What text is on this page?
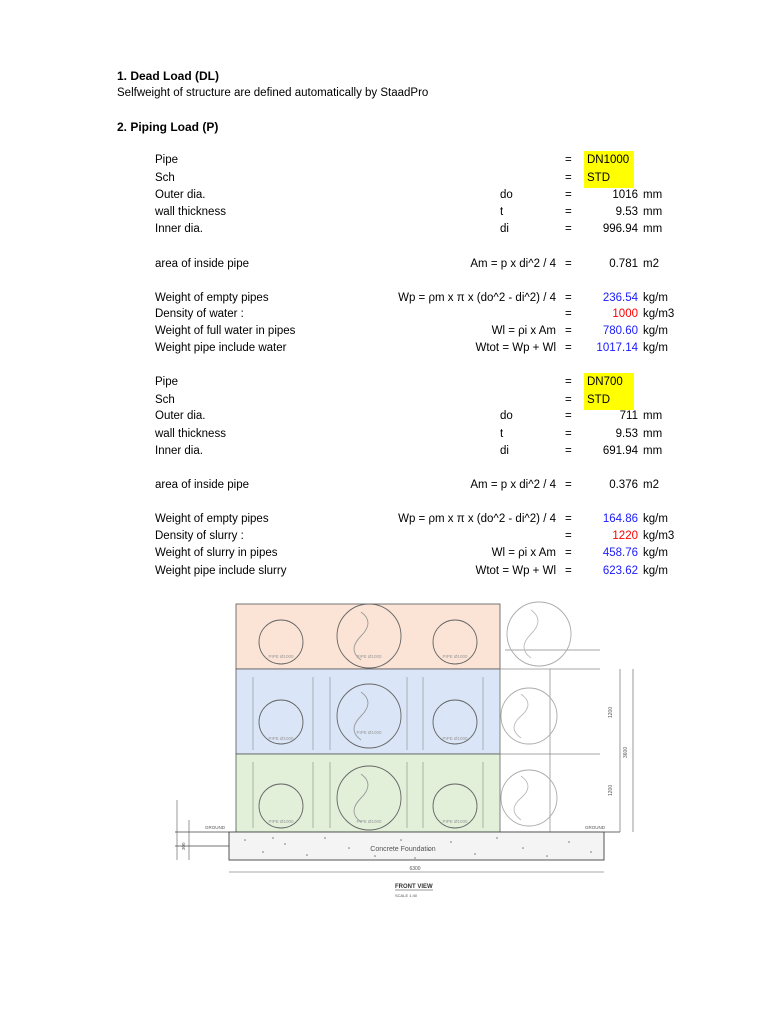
1. Dead Load (DL)
Selfweight of structure are defined automatically by StaadPro
2. Piping Load (P)
Pipe	= DN1000
Sch	= STD
Outer dia.	do	=	1016 mm
wall thickness	t	=	9.53 mm
Inner dia.	di	=	996.94 mm
area of inside pipe	Am = p x di^2 / 4 =	0.781 m2
Weight of empty pipes	Wp = ρm x π x (do^2 - di^2) / 4 =	236.54 kg/m
Density of water :	=	1000 kg/m3
Weight of full water in pipes	Wl = ρi x Am =	780.60 kg/m
Weight pipe include water	Wtot = Wp + Wl = 1017.14 kg/m
Pipe	= DN700
Sch	= STD
Outer dia.	do	=	711 mm
wall thickness	t	=	9.53 mm
Inner dia.	di	=	691.94 mm
area of inside pipe	Am = p x di^2 / 4 =	0.376 m2
Weight of empty pipes	Wp = ρm x π x (do^2 - di^2) / 4 =	164.86 kg/m
Density of slurry :	=	1220 kg/m3
Weight of slurry in pipes	Wl = ρi x Am =	458.76 kg/m
Weight pipe include slurry	Wtot = Wp + Wl =	623.62 kg/m
PIPE Ø1000	PIPE Ø1000	PIPE Ø1000
PIPE Ø1000
PIPE Ø1000
PIPE Ø1000
PIPE Ø1000	PIPE Ø1000	PIPE Ø1000
Concrete Foundation
GROUND	GROUND
1200
1200
3600
300
6300
FRONT VIEW
SCALE 1:40
